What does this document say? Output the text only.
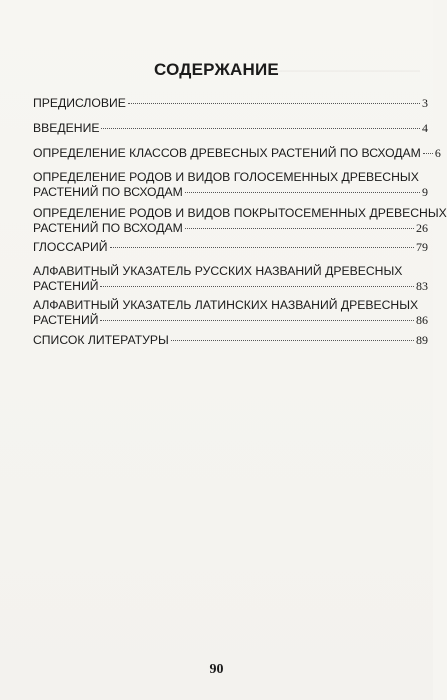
────────────────────
СОДЕРЖАНИЕ
ПРЕДИСЛОВИЕ	3
ВВЕДЕНИЕ	4
ОПРЕДЕЛЕНИЕ КЛАССОВ ДРЕВЕСНЫХ РАСТЕНИЙ ПО ВСХОДАМ 6
ОПРЕДЕЛЕНИЕ РОДОВ И ВИДОВ ГОЛОСЕМЕННЫХ ДРЕВЕСНЫХ
РАСТЕНИЙ ПО ВСХОДАМ	9
ОПРЕДЕЛЕНИЕ РОДОВ И ВИДОВ ПОКРЫТОСЕМЕННЫХ ДРЕВЕСНЫХ
РАСТЕНИЙ ПО ВСХОДАМ	26
ГЛОССАРИЙ	79
АЛФАВИТНЫЙ УКАЗАТЕЛЬ РУССКИХ НАЗВАНИЙ ДРЕВЕСНЫХ
РАСТЕНИЙ	83
АЛФАВИТНЫЙ УКАЗАТЕЛЬ ЛАТИНСКИХ НАЗВАНИЙ ДРЕВЕСНЫХ
РАСТЕНИЙ	86
СПИСОК ЛИТЕРАТУРЫ	89
90
